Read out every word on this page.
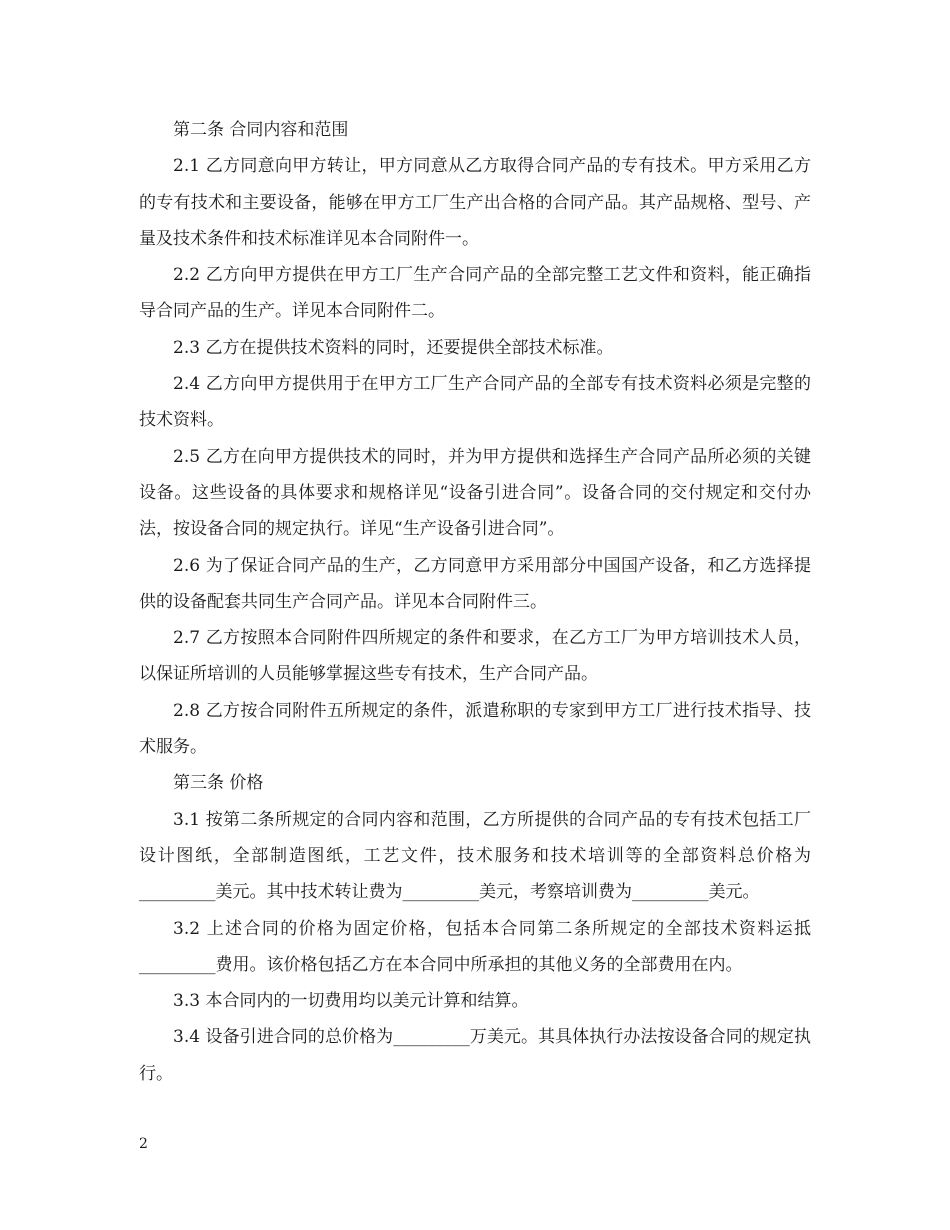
第二条 合同内容和范围

2.1 乙方同意向甲方转让，甲方同意从乙方取得合同产品的专有技术。甲方采用乙方的专有技术和主要设备，能够在甲方工厂生产出合格的合同产品。其产品规格、型号、产量及技术条件和技术标准详见本合同附件一。

2.2 乙方向甲方提供在甲方工厂生产合同产品的全部完整工艺文件和资料，能正确指导合同产品的生产。详见本合同附件二。

2.3 乙方在提供技术资料的同时，还要提供全部技术标准。

2.4 乙方向甲方提供用于在甲方工厂生产合同产品的全部专有技术资料必须是完整的技术资料。

2.5 乙方在向甲方提供技术的同时，并为甲方提供和选择生产合同产品所必须的关键设备。这些设备的具体要求和规格详见“设备引进合同”。设备合同的交付规定和交付办法，按设备合同的规定执行。详见“生产设备引进合同”。

2.6 为了保证合同产品的生产，乙方同意甲方采用部分中国国产设备，和乙方选择提供的设备配套共同生产合同产品。详见本合同附件三。

2.7 乙方按照本合同附件四所规定的条件和要求，在乙方工厂为甲方培训技术人员，以保证所培训的人员能够掌握这些专有技术，生产合同产品。

2.8 乙方按合同附件五所规定的条件，派遣称职的专家到甲方工厂进行技术指导、技术服务。

第三条 价格

3.1 按第二条所规定的合同内容和范围，乙方所提供的合同产品的专有技术包括工厂设计图纸，全部制造图纸，工艺文件，技术服务和技术培训等的全部资料总价格为_________美元。其中技术转让费为_________美元，考察培训费为_________美元。

3.2 上述合同的价格为固定价格，包括本合同第二条所规定的全部技术资料运抵_________费用。该价格包括乙方在本合同中所承担的其他义务的全部费用在内。

3.3 本合同内的一切费用均以美元计算和结算。

3.4 设备引进合同的总价格为_________万美元。其具体执行办法按设备合同的规定执行。

2
